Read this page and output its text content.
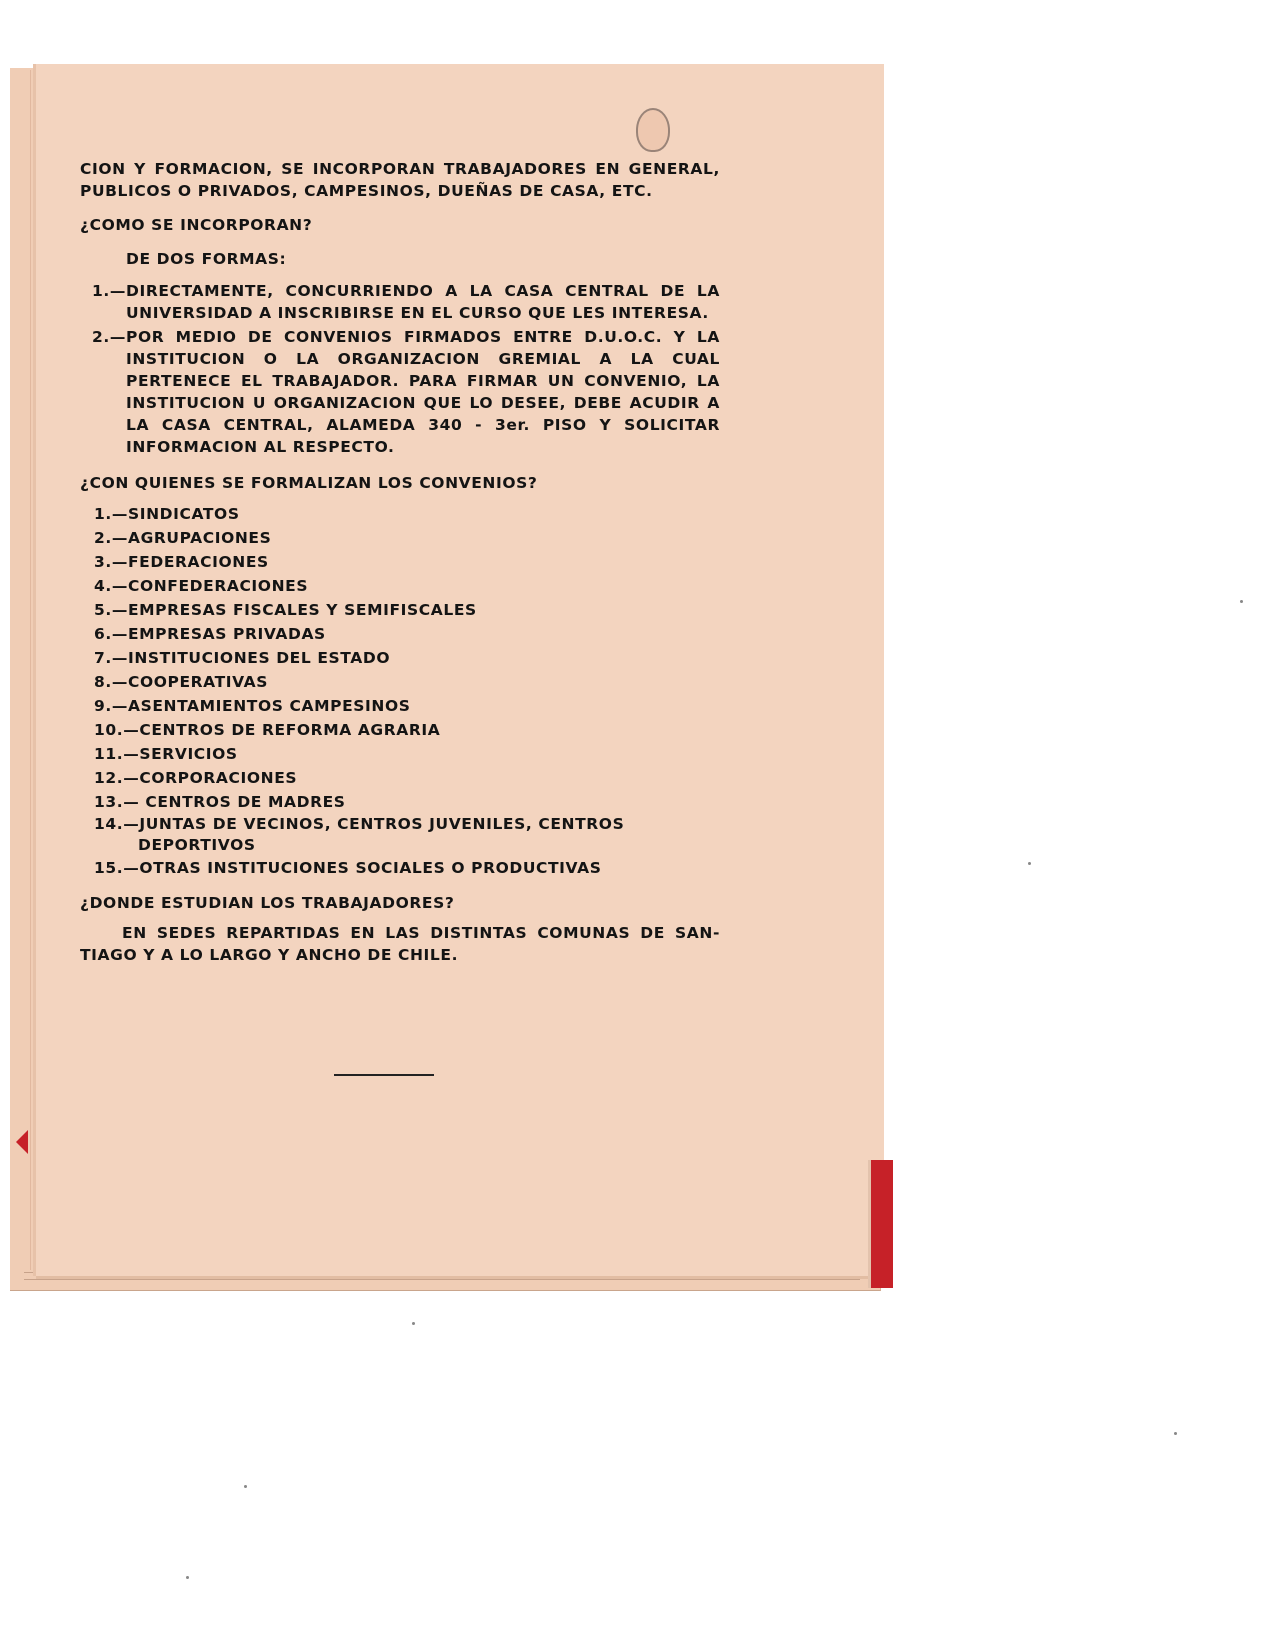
CION Y FORMACION, SE INCORPORAN TRABAJADORES EN GENERAL,
PUBLICOS O PRIVADOS, CAMPESINOS, DUEÑAS DE CASA, ETC.
¿COMO SE INCORPORAN?
DE DOS FORMAS:
1.— DIRECTAMENTE, CONCURRIENDO A LA CASA CENTRAL DE LA UNIVERSIDAD A INSCRIBIRSE EN EL CURSO QUE LES INTERESA.
2.— POR MEDIO DE CONVENIOS FIRMADOS ENTRE D.U.O.C. Y LA INSTITUCION O LA ORGANIZACION GREMIAL A LA CUAL PERTENECE EL TRABAJADOR. PARA FIRMAR UN CONVENIO, LA INSTITUCION U ORGANIZACION QUE LO DESEE, DEBE ACUDIR A LA CASA CENTRAL, ALAMEDA 340 - 3er. PISO Y SOLICITAR INFORMACION AL RESPECTO.
¿CON QUIENES SE FORMALIZAN LOS CONVENIOS?
1.—SINDICATOS
2.—AGRUPACIONES
3.—FEDERACIONES
4.—CONFEDERACIONES
5.—EMPRESAS FISCALES Y SEMIFISCALES
6.—EMPRESAS PRIVADAS
7.—INSTITUCIONES DEL ESTADO
8.—COOPERATIVAS
9.—ASENTAMIENTOS CAMPESINOS
10.—CENTROS DE REFORMA AGRARIA
11.—SERVICIOS
12.—CORPORACIONES
13.— CENTROS DE MADRES
14.—JUNTAS DE VECINOS, CENTROS JUVENILES, CENTROS DEPORTIVOS
15.—OTRAS INSTITUCIONES SOCIALES O PRODUCTIVAS
¿DONDE ESTUDIAN LOS TRABAJADORES?
EN SEDES REPARTIDAS EN LAS DISTINTAS COMUNAS DE SAN-
TIAGO Y A LO LARGO Y ANCHO DE CHILE.
